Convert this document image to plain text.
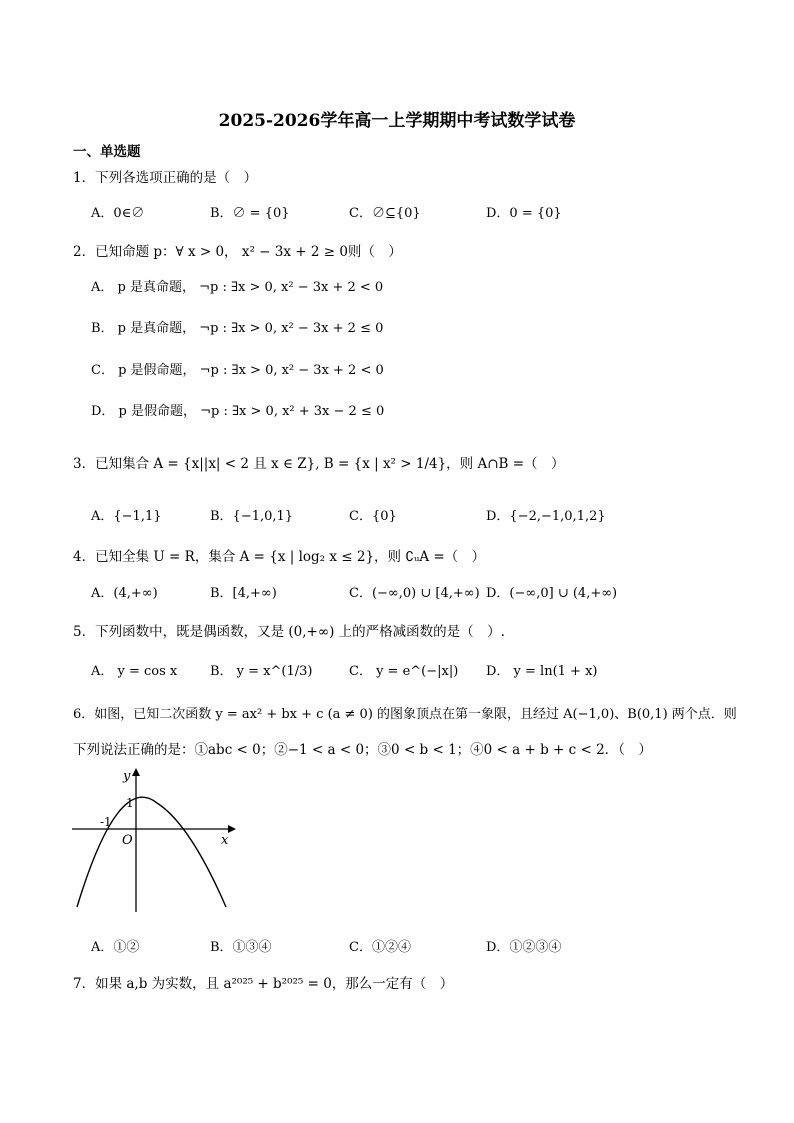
2025-2026学年高一上学期期中考试数学试卷
一、单选题
1．下列各选项正确的是（　）
A．0∈∅	B．∅ = {0}	C．∅⊆{0}	D．0 = {0}
2．已知命题 p：∀ x > 0， x² − 3x + 2 ≥ 0则（　）
A． p 是真命题， ¬p : ∃x > 0, x² − 3x + 2 < 0
B． p 是真命题， ¬p : ∃x > 0, x² − 3x + 2 ≤ 0
C． p 是假命题， ¬p : ∃x > 0, x² − 3x + 2 < 0
D． p 是假命题， ¬p : ∃x > 0, x² + 3x − 2 ≤ 0
3．已知集合 A = {x||x| < 2 且 x ∈ Z}, B = {x | x² > 1/4}，则 A∩B =（　）
A．{−1,1}	B．{−1,0,1}	C．{0}	D．{−2,−1,0,1,2}
4．已知全集 U = R，集合 A = {x | log₂ x ≤ 2}，则 ∁ᵤA =（　）
A．(4,+∞)	B．[4,+∞)	C．(−∞,0) ∪ [4,+∞) D．(−∞,0] ∪ (4,+∞)
5．下列函数中，既是偶函数，又是 (0,+∞) 上的严格减函数的是（　）.
A． y = cos x	B． y = x^(1/3)	C． y = e^(−|x|) D． y = ln(1 + x)
6．如图，已知二次函数 y = ax² + bx + c (a ≠ 0) 的图象顶点在第一象限，且经过 A(−1,0)、B(0,1) 两个点．则
下列说法正确的是：①abc < 0；②−1 < a < 0；③0 < b < 1；④0 < a + b + c < 2．（　）
y
x
O
1
-1
A．①②	B．①③④	C．①②④	D．①②③④
7．如果 a,b 为实数，且 a²⁰²⁵ + b²⁰²⁵ = 0，那么一定有（　）
